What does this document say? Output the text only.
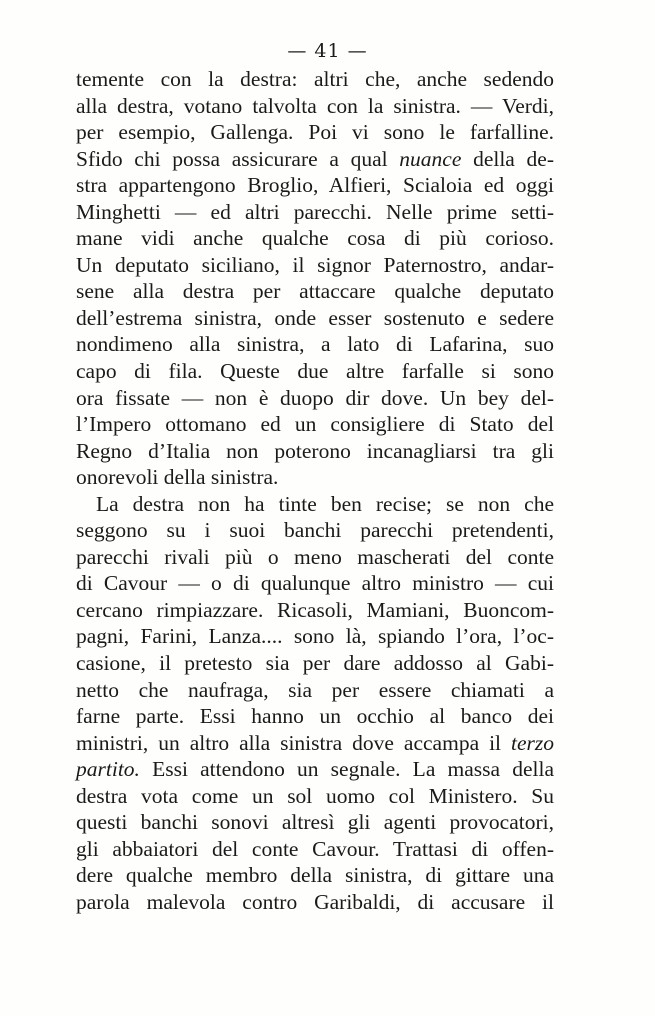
— 41 —
temente con la destra: altri che, anche sedendo
alla destra, votano talvolta con la sinistra. — Verdi,
per esempio, Gallenga. Poi vi sono le farfalline.
Sfido chi possa assicurare a qual nuance della de-
stra appartengono Broglio, Alfieri, Scialoia ed oggi
Minghetti — ed altri parecchi. Nelle prime setti-
mane vidi anche qualche cosa di più corioso.
Un deputato siciliano, il signor Paternostro, andar-
sene alla destra per attaccare qualche deputato
dell’estrema sinistra, onde esser sostenuto e sedere
nondimeno alla sinistra, a lato di Lafarina, suo
capo di fila. Queste due altre farfalle si sono
ora fissate — non è duopo dir dove. Un bey del-
l’Impero ottomano ed un consigliere di Stato del
Regno d’Italia non poterono incanagliarsi tra gli
onorevoli della sinistra.
La destra non ha tinte ben recise; se non che
seggono su i suoi banchi parecchi pretendenti,
parecchi rivali più o meno mascherati del conte
di Cavour — o di qualunque altro ministro — cui
cercano rimpiazzare. Ricasoli, Mamiani, Buoncom-
pagni, Farini, Lanza.... sono là, spiando l’ora, l’oc-
casione, il pretesto sia per dare addosso al Gabi-
netto che naufraga, sia per essere chiamati a
farne parte. Essi hanno un occhio al banco dei
ministri, un altro alla sinistra dove accampa il terzo
partito. Essi attendono un segnale. La massa della
destra vota come un sol uomo col Ministero. Su
questi banchi sonovi altresì gli agenti provocatori,
gli abbaiatori del conte Cavour. Trattasi di offen-
dere qualche membro della sinistra, di gittare una
parola malevola contro Garibaldi, di accusare il
